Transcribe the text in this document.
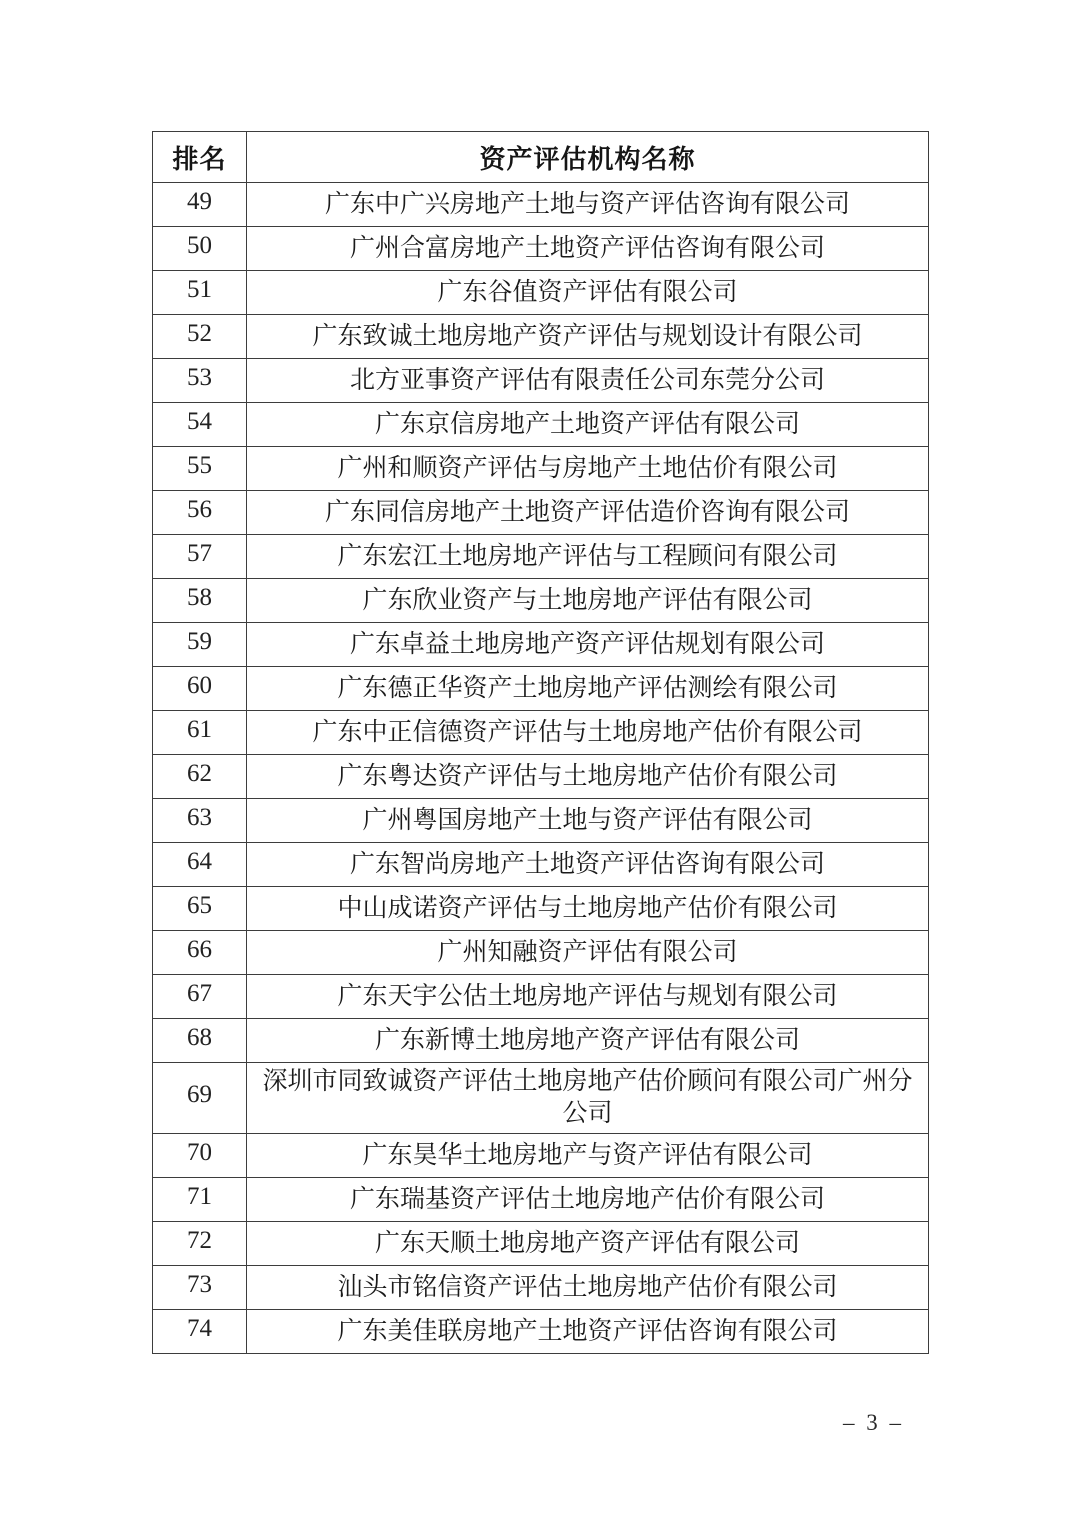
排名	资产评估机构名称
49	广东中广兴房地产土地与资产评估咨询有限公司
50	广州合富房地产土地资产评估咨询有限公司
51	广东谷值资产评估有限公司
52	广东致诚土地房地产资产评估与规划设计有限公司
53	北方亚事资产评估有限责任公司东莞分公司
54	广东京信房地产土地资产评估有限公司
55	广州和顺资产评估与房地产土地估价有限公司
56	广东同信房地产土地资产评估造价咨询有限公司
57	广东宏江土地房地产评估与工程顾问有限公司
58	广东欣业资产与土地房地产评估有限公司
59	广东卓益土地房地产资产评估规划有限公司
60	广东德正华资产土地房地产评估测绘有限公司
61	广东中正信德资产评估与土地房地产估价有限公司
62	广东粤达资产评估与土地房地产估价有限公司
63	广州粤国房地产土地与资产评估有限公司
64	广东智尚房地产土地资产评估咨询有限公司
65	中山成诺资产评估与土地房地产估价有限公司
66	广州知融资产评估有限公司
67	广东天宇公估土地房地产评估与规划有限公司
68	广东新博土地房地产资产评估有限公司
69	深圳市同致诚资产评估土地房地产估价顾问有限公司广州分公司
70	广东昊华土地房地产与资产评估有限公司
71	广东瑞基资产评估土地房地产估价有限公司
72	广东天顺土地房地产资产评估有限公司
73	汕头市铭信资产评估土地房地产估价有限公司
74	广东美佳联房地产土地资产评估咨询有限公司
– 3 –
